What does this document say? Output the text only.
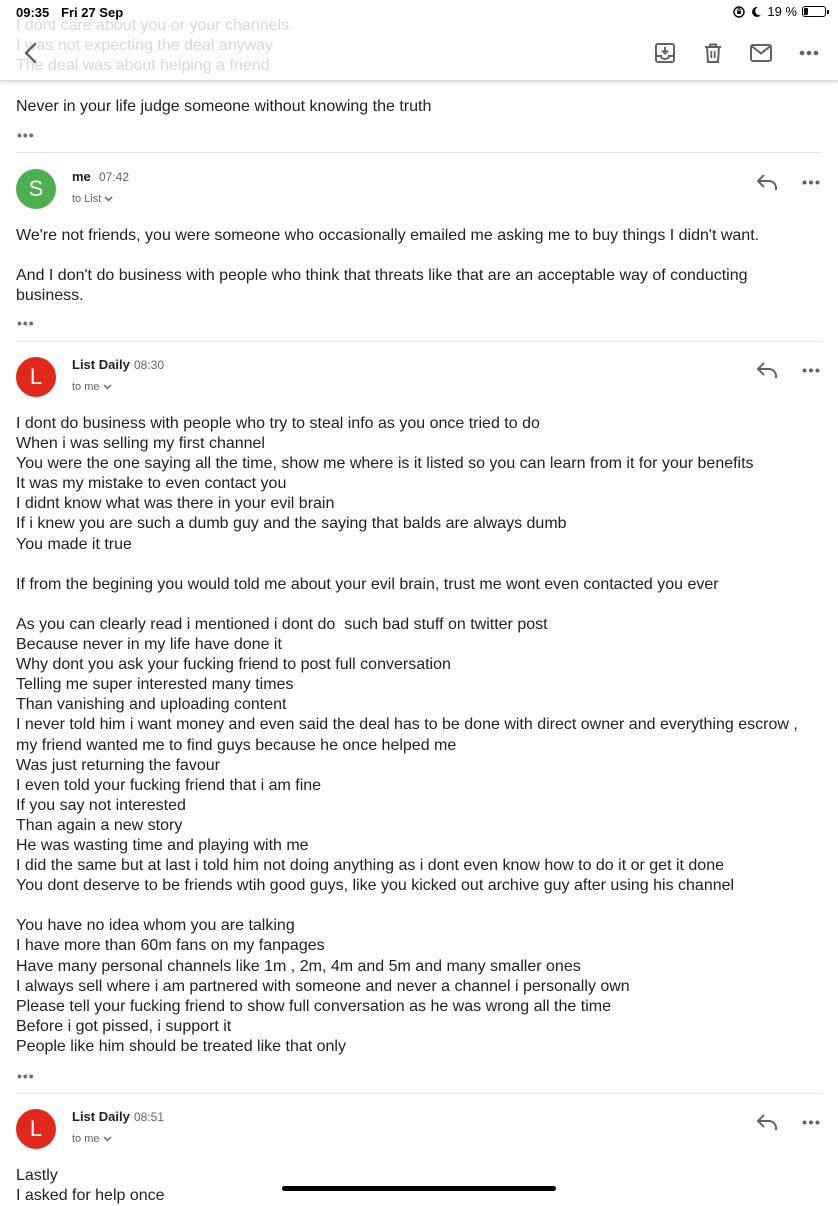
09:35 Fri 27 Sep	19 %
I dont care about you or your channels
I was not expecting the deal anyway
The deal was about helping a friend
Never in your life judge someone without knowing the truth
•••
S me 07:42
to List
We're not friends, you were someone who occasionally emailed me asking me to buy things I didn't want.

And I don't do business with people who think that threats like that are an acceptable way of conducting business.
•••
L List Daily 08:30
to me
I dont do business with people who try to steal info as you once tried to do
When i was selling my first channel
You were the one saying all the time, show me where is it listed so you can learn from it for your benefits
It was my mistake to even contact you
I didnt know what was there in your evil brain
If i knew you are such a dumb guy and the saying that balds are always dumb
You made it true

If from the begining you would told me about your evil brain, trust me wont even contacted you ever

As you can clearly read i mentioned i dont do  such bad stuff on twitter post
Because never in my life have done it
Why dont you ask your fucking friend to post full conversation
Telling me super interested many times
Than vanishing and uploading content
I never told him i want money and even said the deal has to be done with direct owner and everything escrow , my friend wanted me to find guys because he once helped me
Was just returning the favour
I even told your fucking friend that i am fine
If you say not interested
Than again a new story
He was wasting time and playing with me
I did the same but at last i told him not doing anything as i dont even know how to do it or get it done
You dont deserve to be friends wtih good guys, like you kicked out archive guy after using his channel

You have no idea whom you are talking
I have more than 60m fans on my fanpages
Have many personal channels like 1m , 2m, 4m and 5m and many smaller ones
I always sell where i am partnered with someone and never a channel i personally own
Please tell your fucking friend to show full conversation as he was wrong all the time
Before i got pissed, i support it
People like him should be treated like that only
•••
L List Daily 08:51
to me
Lastly
I asked for help once
